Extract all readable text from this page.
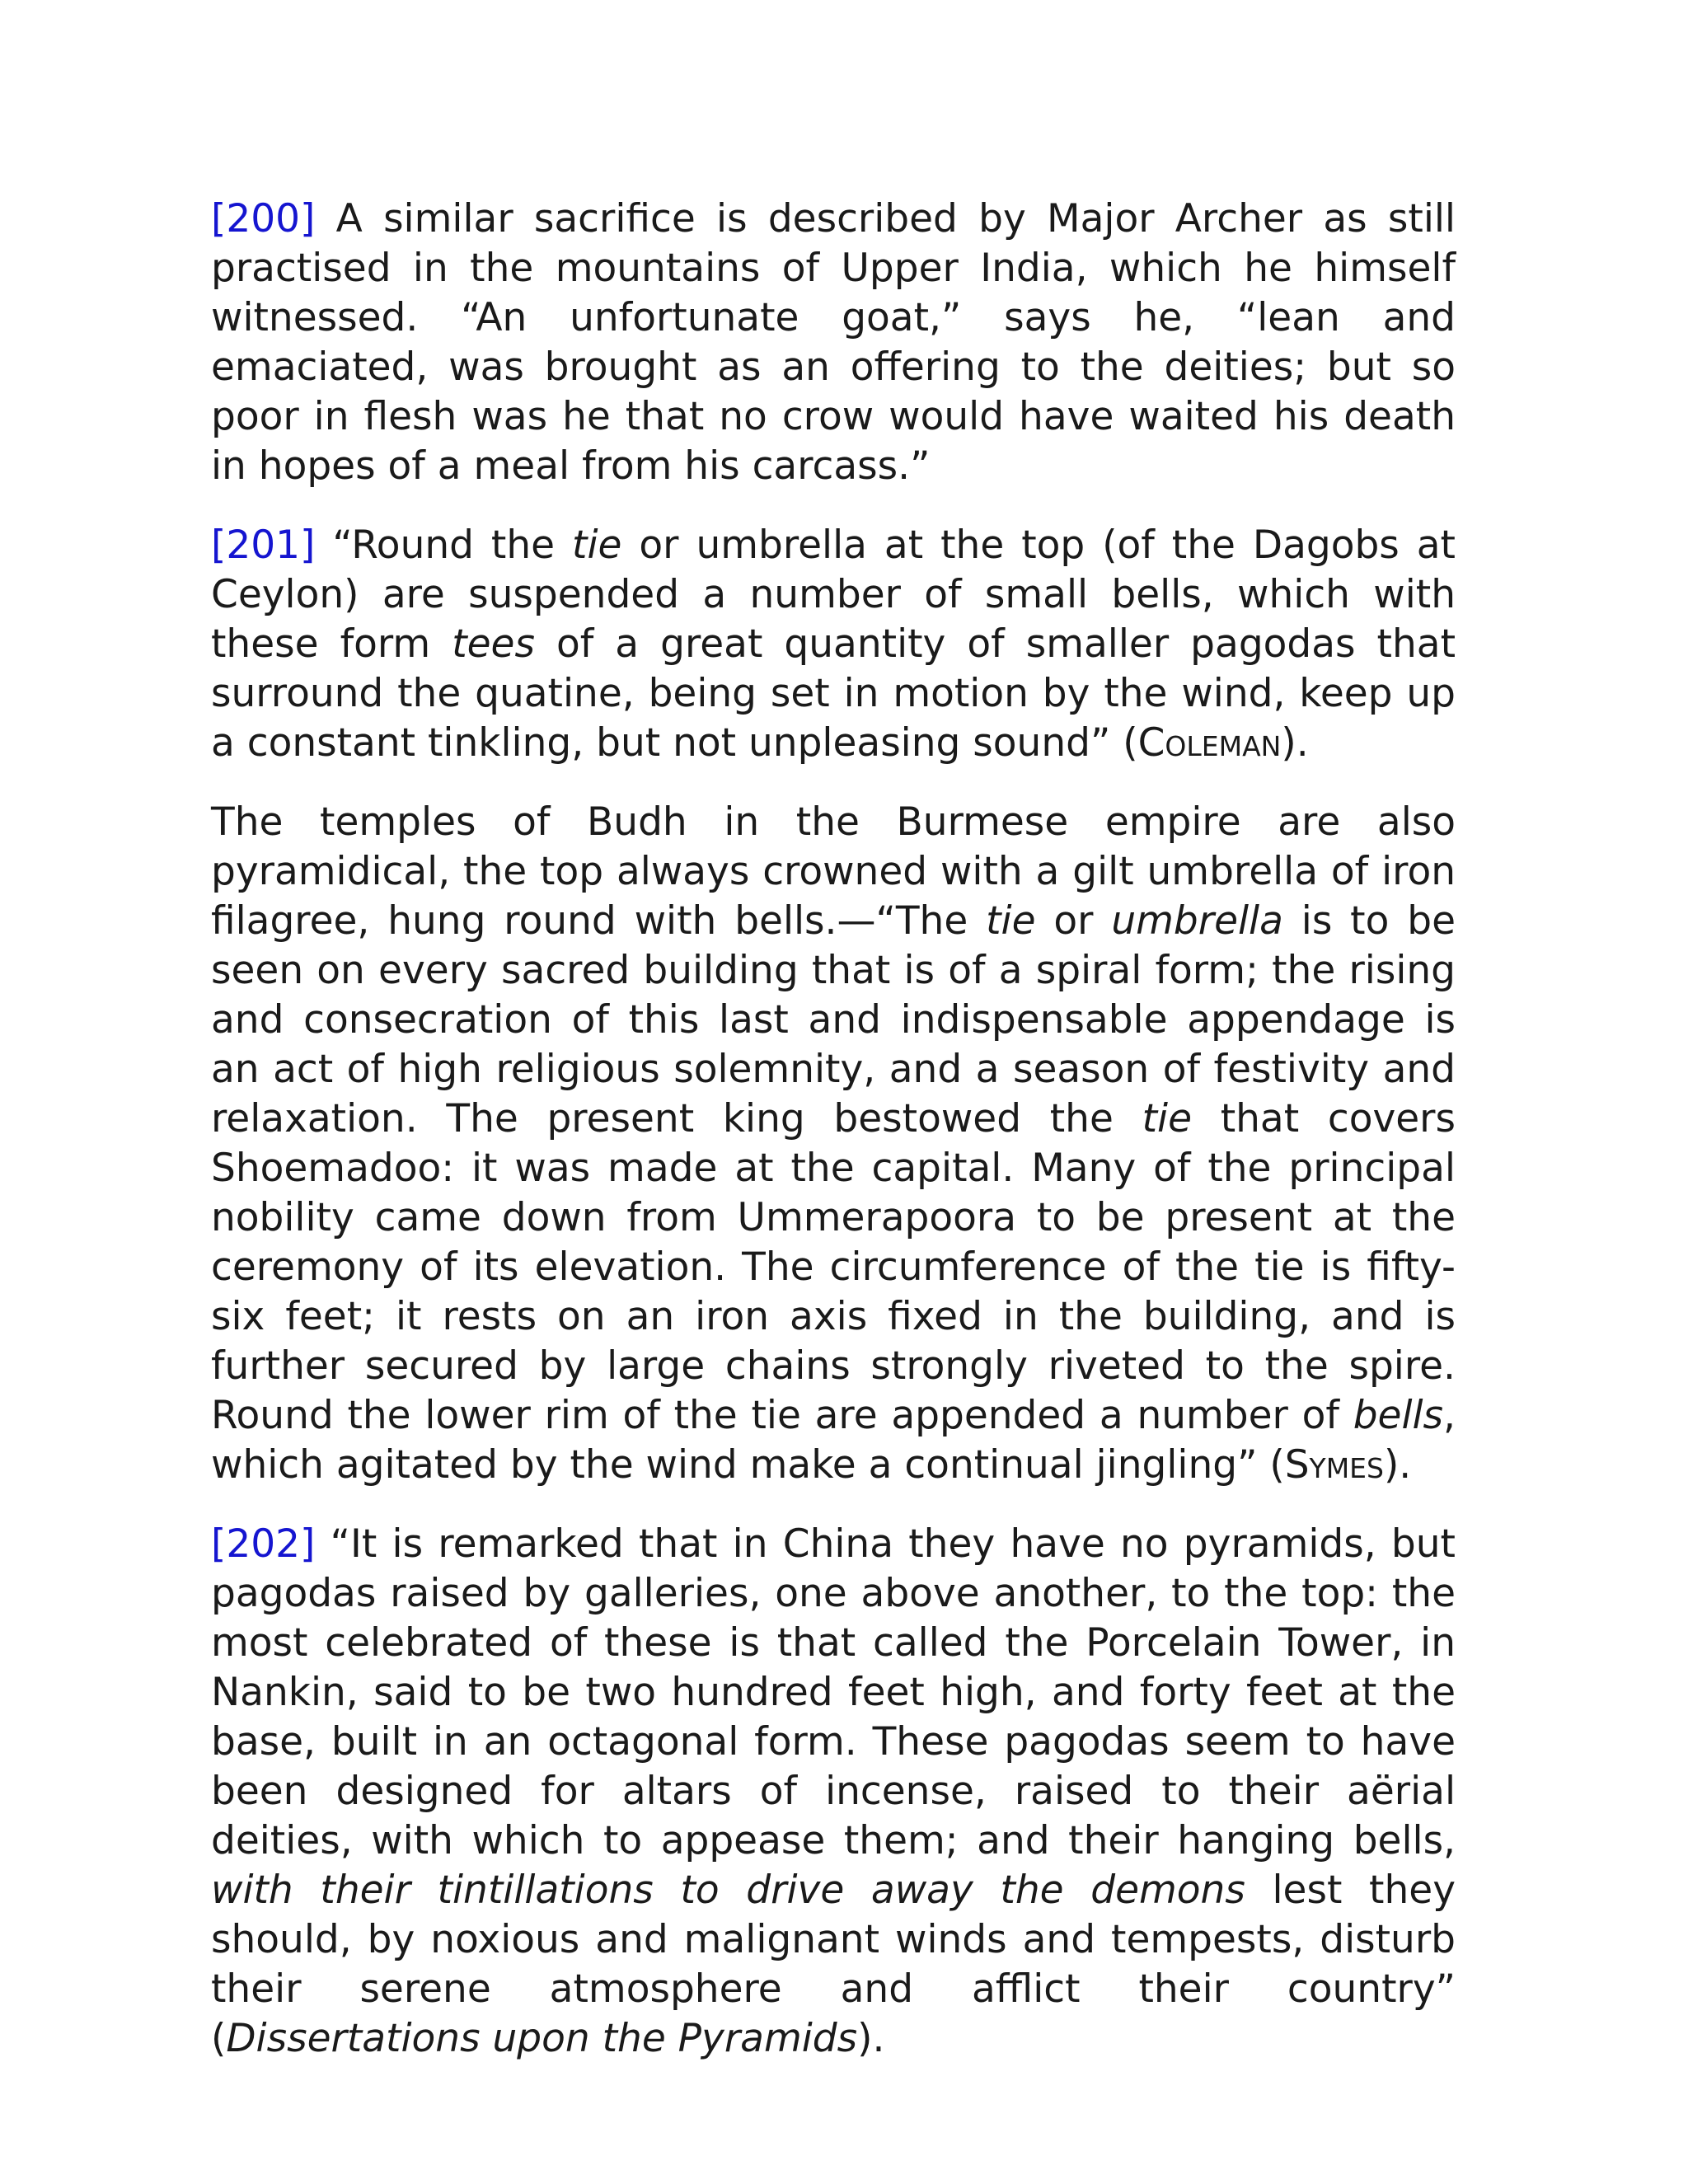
[200] A similar sacrifice is described by Major Archer as still practised in the mountains of Upper India, which he himself witnessed. “An unfortunate goat,” says he, “lean and emaciated, was brought as an offering to the deities; but so poor in flesh was he that no crow would have waited his death in hopes of a meal from his carcass.”

[201] “Round the tie or umbrella at the top (of the Dagobs at Ceylon) are suspended a number of small bells, which with these form tees of a great quantity of smaller pagodas that surround the quatine, being set in motion by the wind, keep up a constant tinkling, but not unpleasing sound” (Coleman).

The temples of Budh in the Burmese empire are also pyramidical, the top always crowned with a gilt umbrella of iron filagree, hung round with bells.—“The tie or umbrella is to be seen on every sacred building that is of a spiral form; the rising and consecration of this last and indispensable appendage is an act of high religious solemnity, and a season of festivity and relaxation. The present king bestowed the tie that covers Shoemadoo: it was made at the capital. Many of the principal nobility came down from Ummerapoora to be present at the ceremony of its elevation. The circumference of the tie is fifty-six feet; it rests on an iron axis fixed in the building, and is further secured by large chains strongly riveted to the spire. Round the lower rim of the tie are appended a number of bells, which agitated by the wind make a continual jingling” (Symes).

[202] “It is remarked that in China they have no pyramids, but pagodas raised by galleries, one above another, to the top: the most celebrated of these is that called the Porcelain Tower, in Nankin, said to be two hundred feet high, and forty feet at the base, built in an octagonal form. These pagodas seem to have been designed for altars of incense, raised to their aërial deities, with which to appease them; and their hanging bells, with their tintillations to drive away the demons lest they should, by noxious and malignant winds and tempests, disturb their serene atmosphere and afflict their country” (Dissertations upon the Pyramids).
